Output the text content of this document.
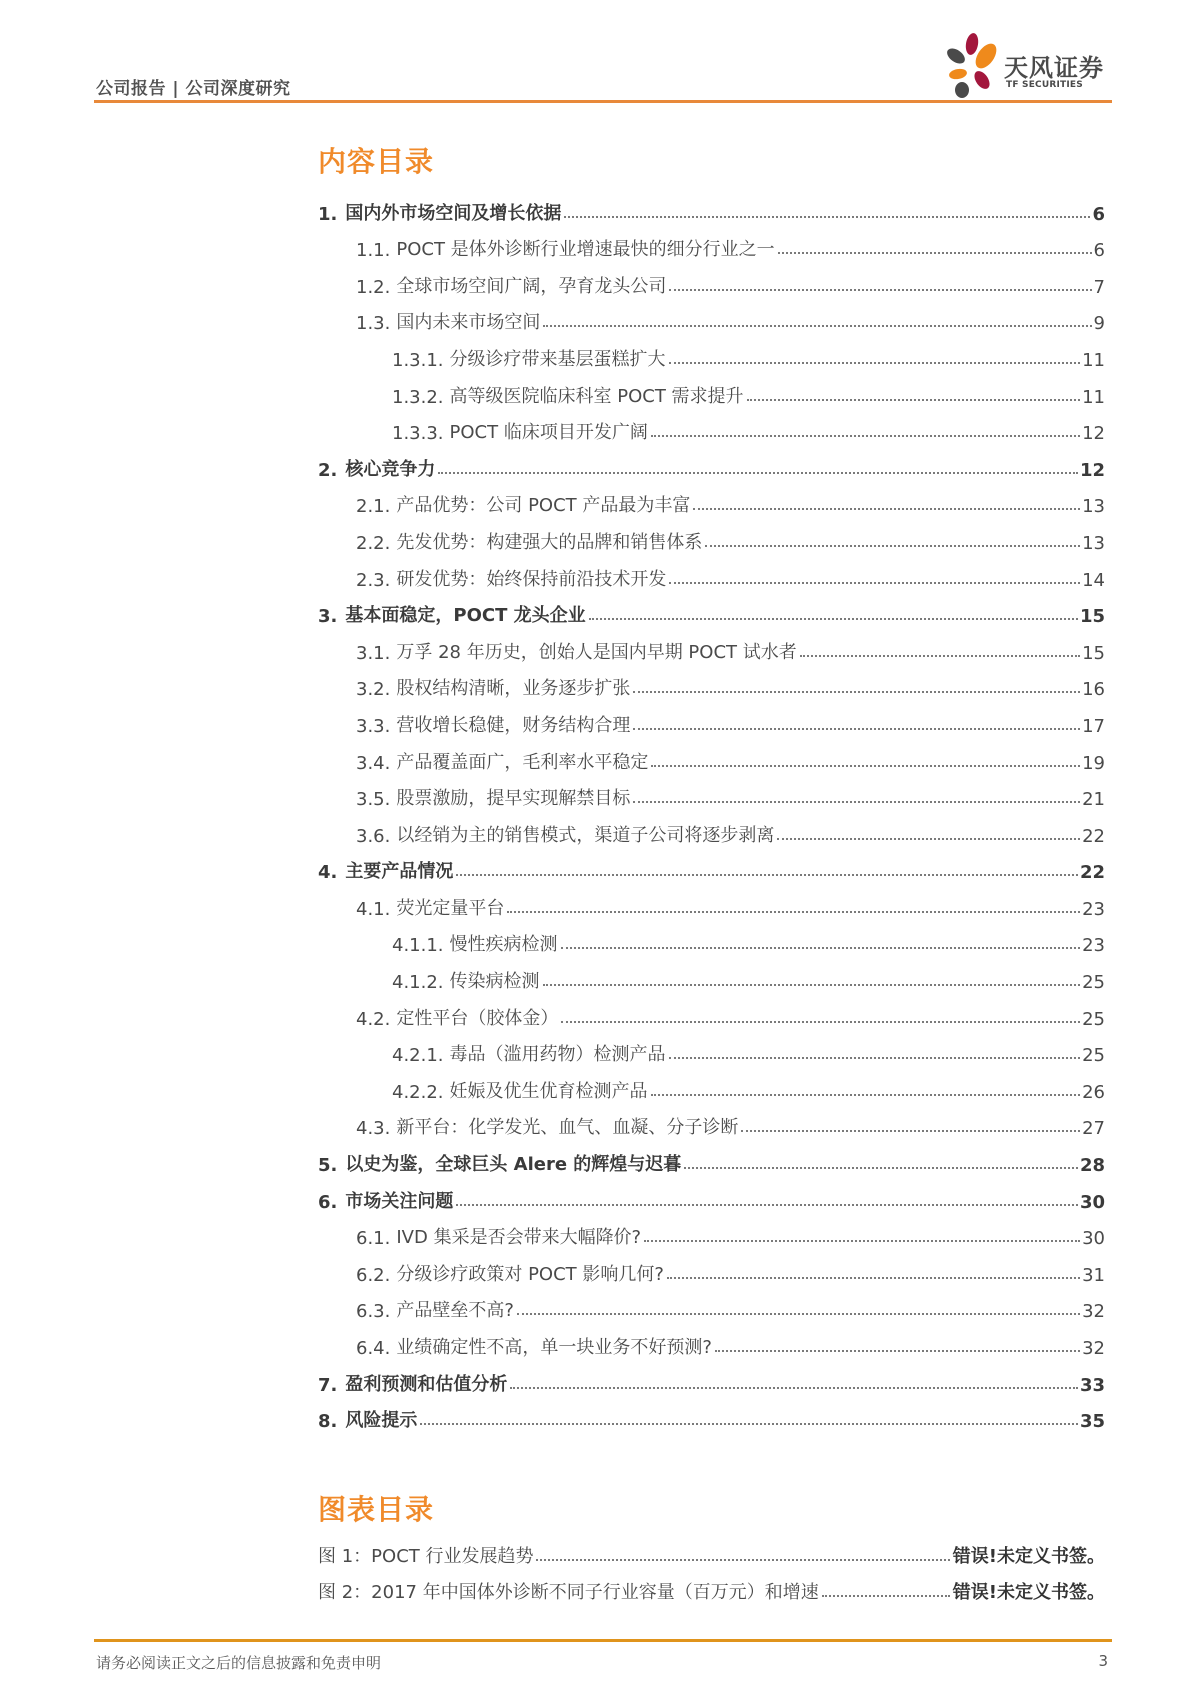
公司报告 | 公司深度研究
天风证券
TF SECURITIES
内容目录
1. 国内外市场空间及增长依据	6
1.1. POCT 是体外诊断行业增速最快的细分行业之一	6
1.2. 全球市场空间广阔，孕育龙头公司	7
1.3. 国内未来市场空间	9
1.3.1. 分级诊疗带来基层蛋糕扩大	11
1.3.2. 高等级医院临床科室 POCT 需求提升	11
1.3.3. POCT 临床项目开发广阔	12
2. 核心竞争力	12
2.1. 产品优势：公司 POCT 产品最为丰富	13
2.2. 先发优势：构建强大的品牌和销售体系	13
2.3. 研发优势：始终保持前沿技术开发	14
3. 基本面稳定，POCT 龙头企业	15
3.1. 万孚 28 年历史，创始人是国内早期 POCT 试水者	15
3.2. 股权结构清晰，业务逐步扩张	16
3.3. 营收增长稳健，财务结构合理	17
3.4. 产品覆盖面广，毛利率水平稳定	19
3.5. 股票激励，提早实现解禁目标	21
3.6. 以经销为主的销售模式，渠道子公司将逐步剥离	22
4. 主要产品情况	22
4.1. 荧光定量平台	23
4.1.1. 慢性疾病检测	23
4.1.2. 传染病检测	25
4.2. 定性平台（胶体金）	25
4.2.1. 毒品（滥用药物）检测产品	25
4.2.2. 妊娠及优生优育检测产品	26
4.3. 新平台：化学发光、血气、血凝、分子诊断	27
5. 以史为鉴，全球巨头 Alere 的辉煌与迟暮	28
6. 市场关注问题	30
6.1. IVD 集采是否会带来大幅降价?	30
6.2. 分级诊疗政策对 POCT 影响几何?	31
6.3. 产品壁垒不高?	32
6.4. 业绩确定性不高，单一块业务不好预测?	32
7. 盈利预测和估值分析	33
8. 风险提示	35
图表目录
图 1：POCT 行业发展趋势	错误!未定义书签。
图 2：2017 年中国体外诊断不同子行业容量（百万元）和增速	错误!未定义书签。
请务必阅读正文之后的信息披露和免责申明	3
